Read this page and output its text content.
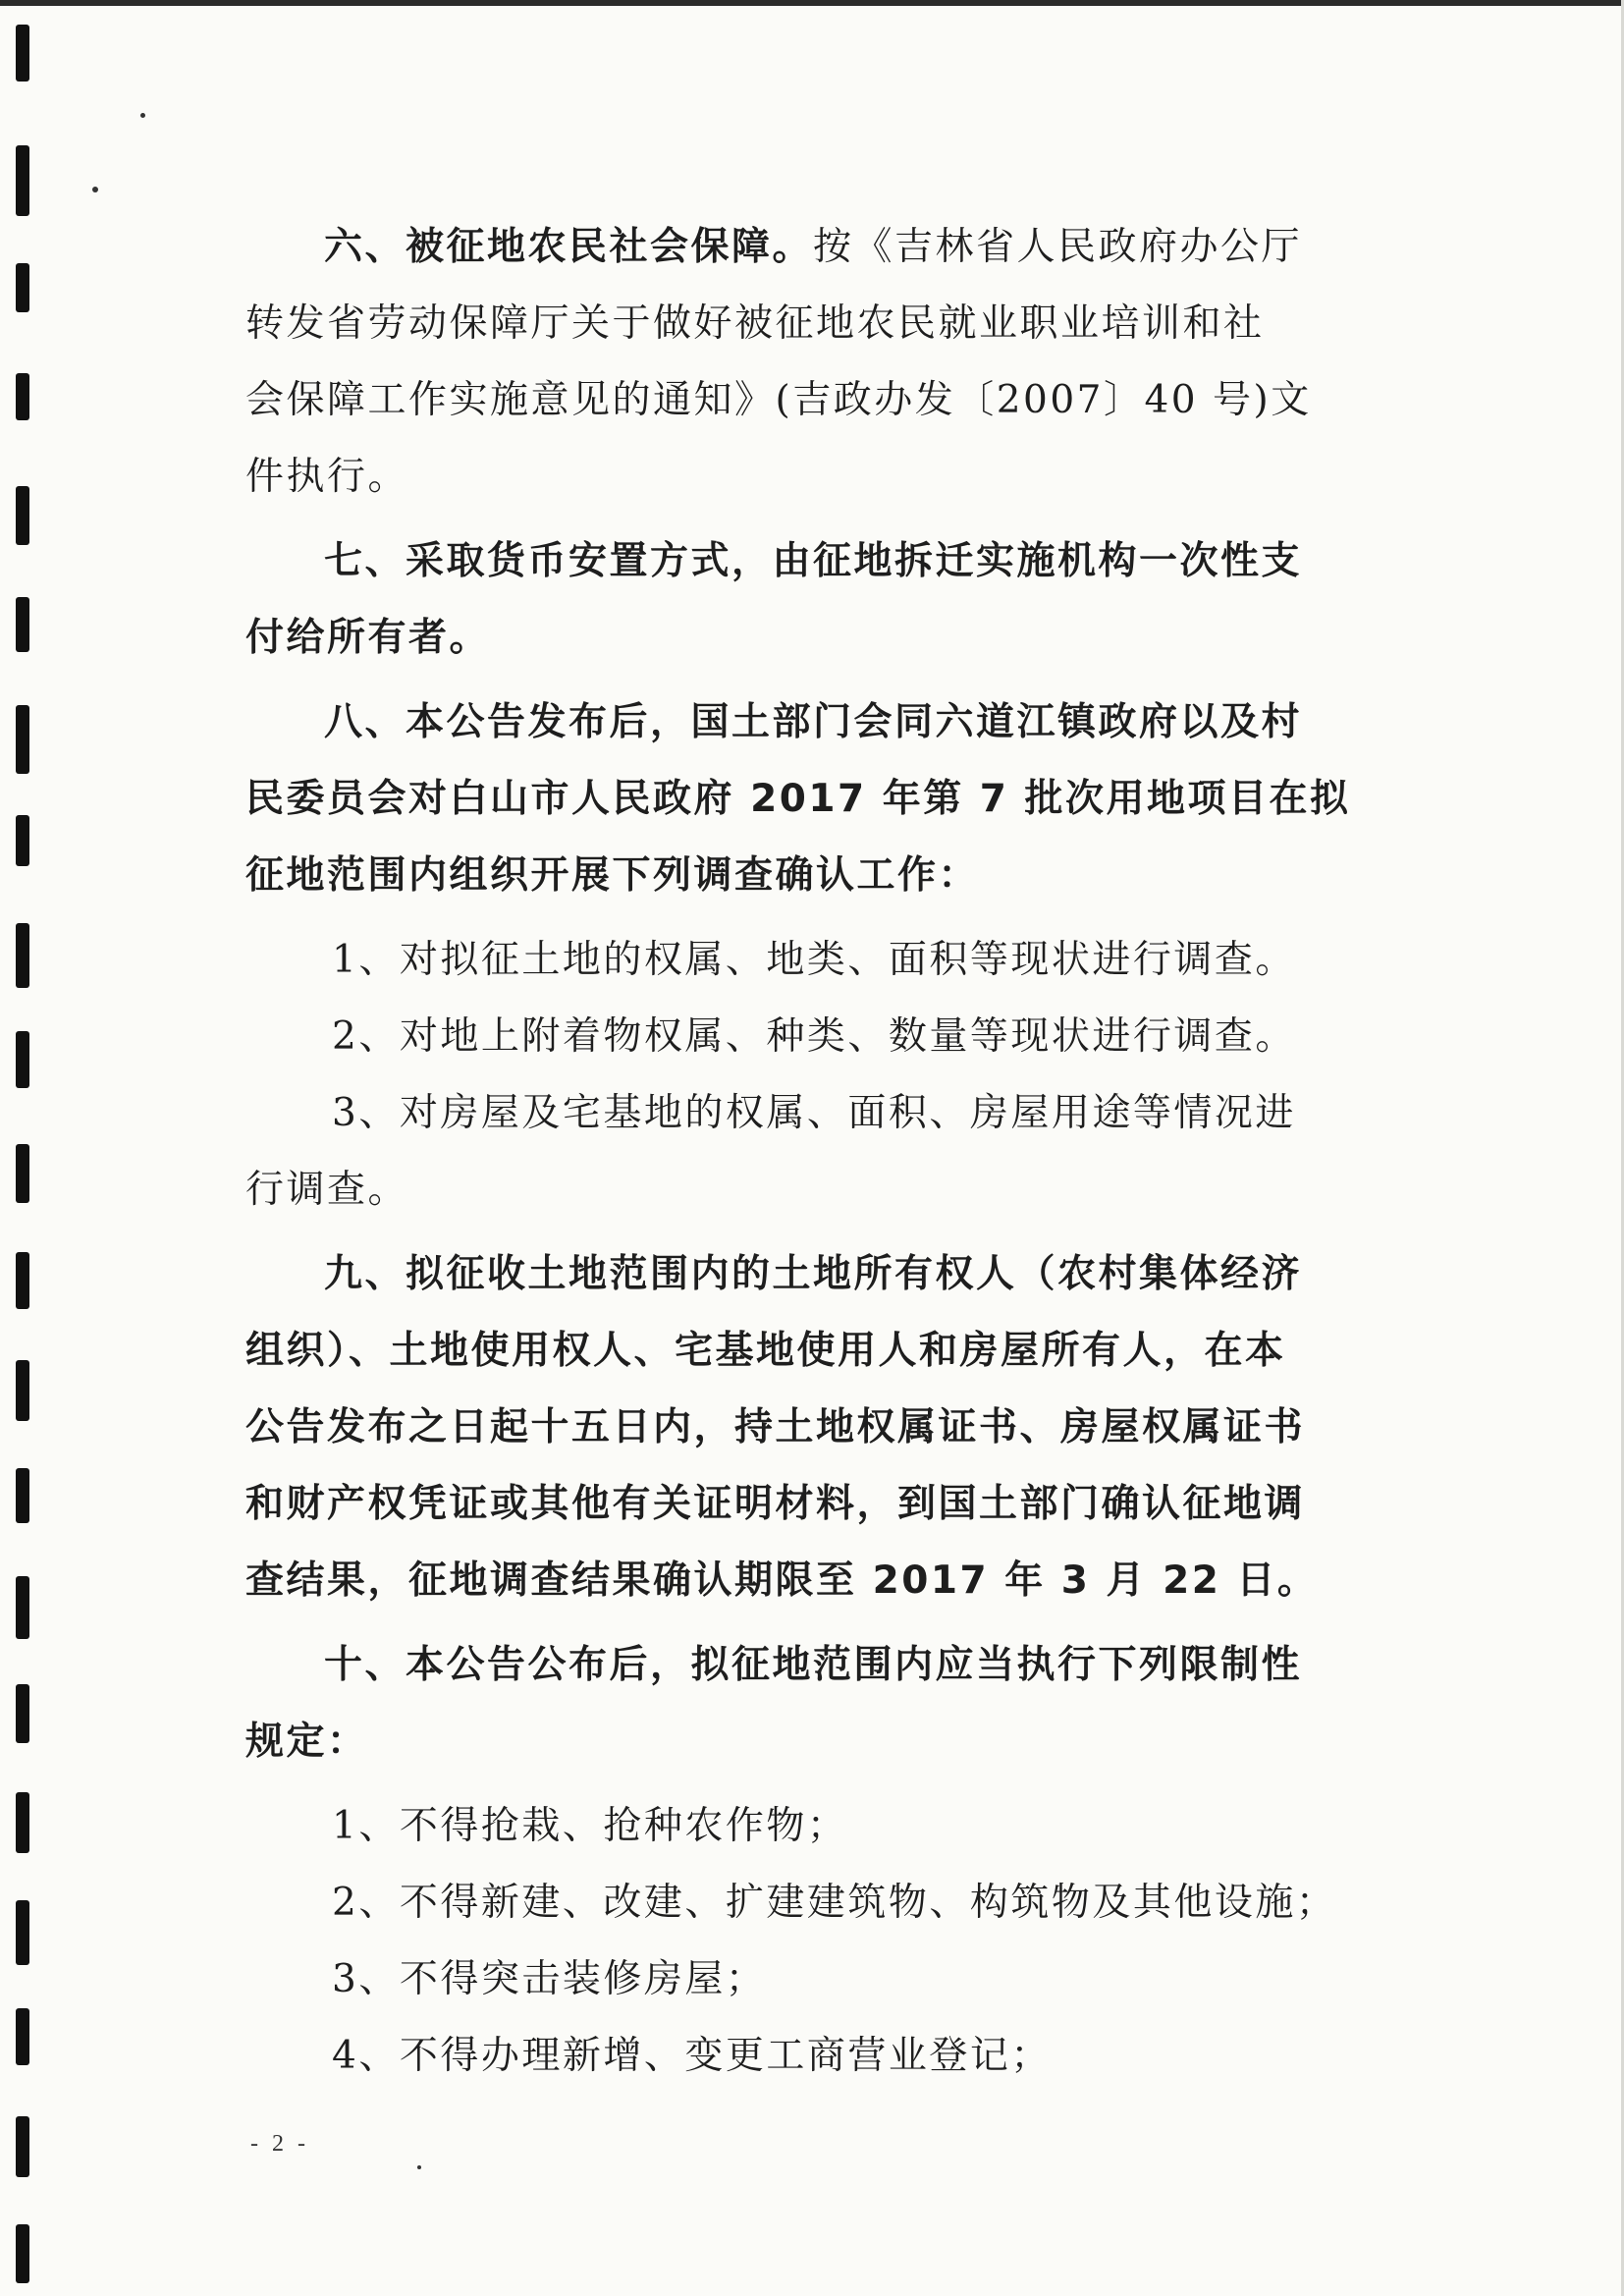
六、被征地农民社会保障。按《吉林省人民政府办公厅
转发省劳动保障厅关于做好被征地农民就业职业培训和社
会保障工作实施意见的通知》(吉政办发〔2007〕40 号)文
件执行。
七、采取货币安置方式，由征地拆迁实施机构一次性支
付给所有者。
八、本公告发布后，国土部门会同六道江镇政府以及村
民委员会对白山市人民政府 2017 年第 7 批次用地项目在拟
征地范围内组织开展下列调查确认工作：
1、对拟征土地的权属、地类、面积等现状进行调查。
2、对地上附着物权属、种类、数量等现状进行调查。
3、对房屋及宅基地的权属、面积、房屋用途等情况进
行调查。
九、拟征收土地范围内的土地所有权人（农村集体经济
组织）、土地使用权人、宅基地使用人和房屋所有人，在本
公告发布之日起十五日内，持土地权属证书、房屋权属证书
和财产权凭证或其他有关证明材料，到国土部门确认征地调
查结果，征地调查结果确认期限至 2017 年 3 月 22 日。
十、本公告公布后，拟征地范围内应当执行下列限制性
规定：
1、不得抢栽、抢种农作物；
2、不得新建、改建、扩建建筑物、构筑物及其他设施；
3、不得突击装修房屋；
4、不得办理新增、变更工商营业登记；
- 2 -
